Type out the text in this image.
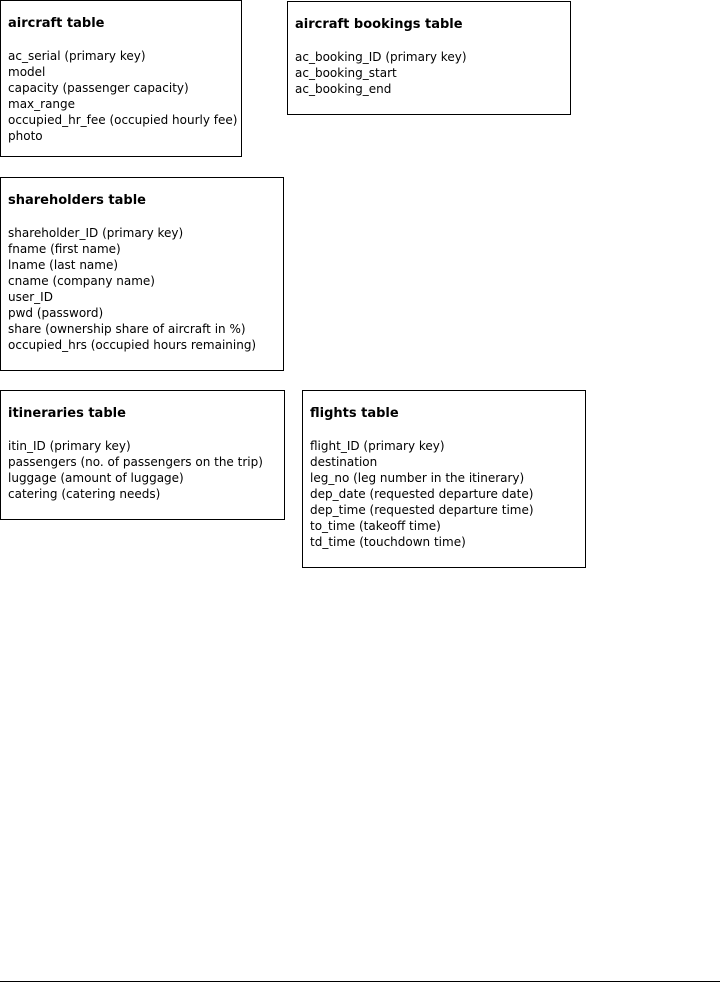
aircraft table
ac_serial (primary key)
model
capacity (passenger capacity)
max_range
occupied_hr_fee (occupied hourly fee)
photo
aircraft bookings table
ac_booking_ID (primary key)
ac_booking_start
ac_booking_end
shareholders table
shareholder_ID (primary key)
fname (first name)
lname (last name)
cname (company name)
user_ID
pwd (password)
share (ownership share of aircraft in %)
occupied_hrs (occupied hours remaining)
itineraries table
itin_ID (primary key)
passengers (no. of passengers on the trip)
luggage (amount of luggage)
catering (catering needs)
flights table
flight_ID (primary key)
destination
leg_no (leg number in the itinerary)
dep_date (requested departure date)
dep_time (requested departure time)
to_time (takeoff time)
td_time (touchdown time)
